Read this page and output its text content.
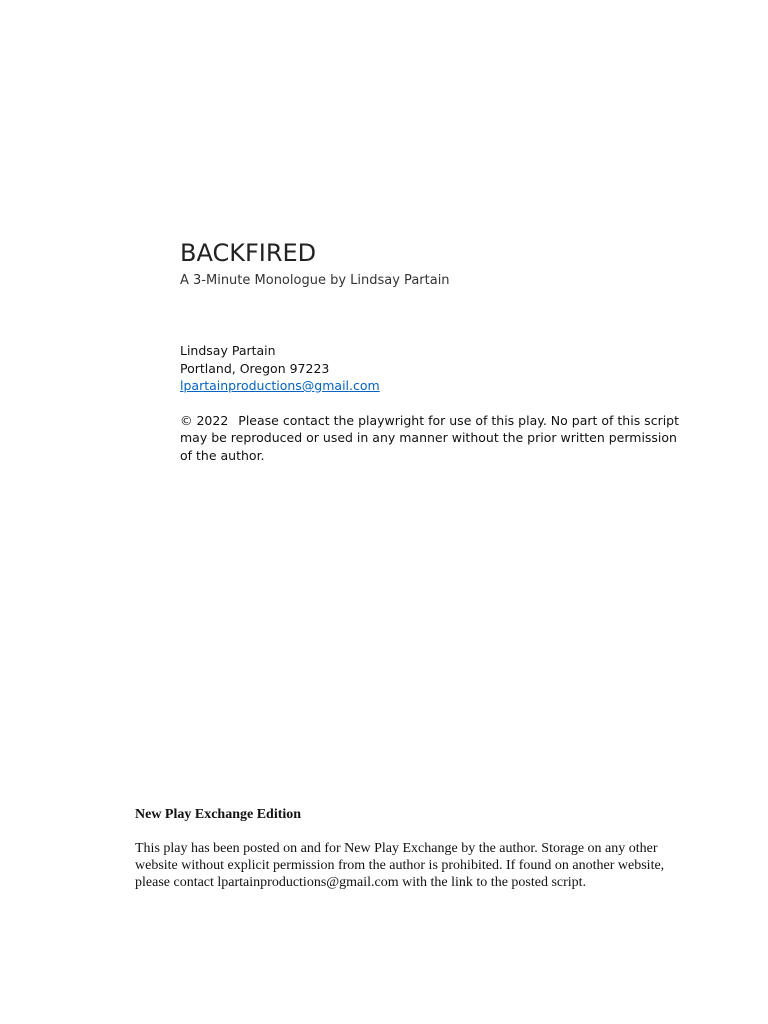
BACKFIRED
A 3-Minute Monologue by Lindsay Partain
Lindsay Partain
Portland, Oregon 97223
lpartainproductions@gmail.com
© 2022 Please contact the playwright for use of this play. No part of this script may be reproduced or used in any manner without the prior written permission of the author.

New Play Exchange Edition

This play has been posted on and for New Play Exchange by the author. Storage on any other website without explicit permission from the author is prohibited. If found on another website, please contact lpartainproductions@gmail.com with the link to the posted script.
